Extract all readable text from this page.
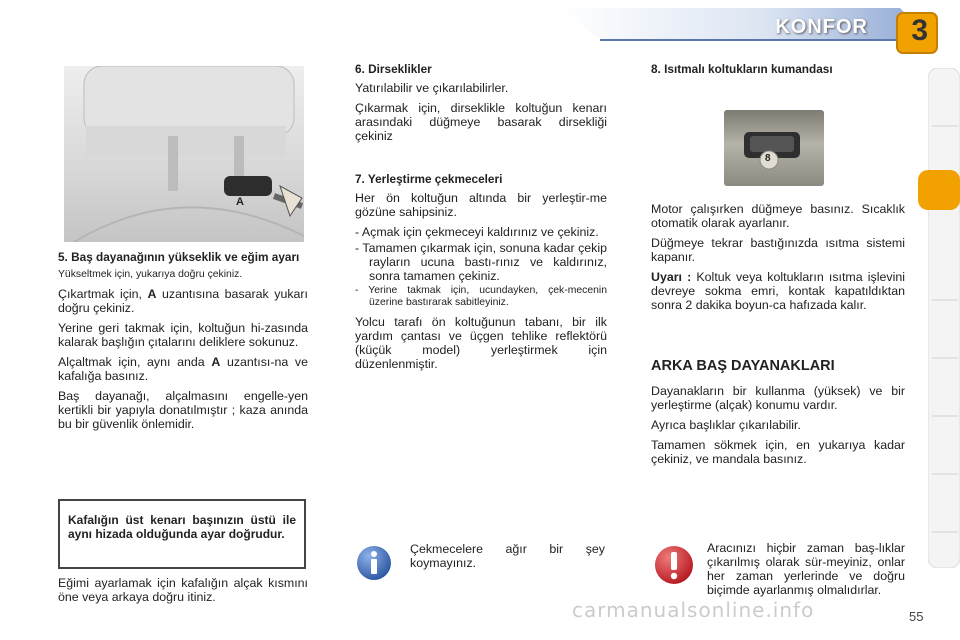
KONFOR 3
A
5. Baş dayanağının yükseklik ve eğim ayarı

Yükseltmek için, yukarıya doğru çekiniz.

Çıkartmak için, A uzantısına basarak yukarı doğru çekiniz.

Yerine geri takmak için, koltuğun hi-zasında kalarak başlığın çıtalarını deliklere sokunuz.

Alçaltmak için, aynı anda A uzantısı-na ve kafalığa basınız.

Baş dayanağı, alçalmasını engelle-yen kertikli bir yapıyla donatılmıştır ; kaza anında bu bir güvenlik önlemidir.

Kafalığın üst kenarı başınızın üstü ile aynı hizada olduğunda ayar doğrudur.

Eğimi ayarlamak için kafalığın alçak kısmını öne veya arkaya doğru itiniz.

6. Dirseklikler

Yatırılabilir ve çıkarılabilirler.

Çıkarmak için, dirseklikle koltuğun kenarı arasındaki düğmeye basarak dirsekliği çekiniz

7. Yerleştirme çekmeceleri

Her ön koltuğun altında bir yerleştir-me gözüne sahipsiniz.

- Açmak için çekmeceyi kaldırınız ve çekiniz.

- Tamamen çıkarmak için, sonuna kadar çekip rayların ucuna bastı-rınız ve kaldırınız, sonra tamamen çekiniz.

- Yerine takmak için, ucundayken, çek-mecenin üzerine bastırarak sabitleyiniz.

Yolcu tarafı ön koltuğunun tabanı, bir ilk yardım çantası ve üçgen tehlike reflektörü (küçük model) yerleştirmek için düzenlenmiştir.

Çekmecelere ağır bir şey koymayınız.

8. Isıtmalı koltukların kumandası
8

Motor çalışırken düğmeye basınız. Sıcaklık otomatik olarak ayarlanır.

Düğmeye tekrar bastığınızda ısıtma sistemi kapanır.

Uyarı : Koltuk veya koltukların ısıtma işlevini devreye sokma emri, kontak kapatıldıktan sonra 2 dakika boyun-ca hafızada kalır.

ARKA BAŞ DAYANAKLARI

Dayanakların bir kullanma (yüksek) ve bir yerleştirme (alçak) konumu vardır.

Ayrıca başlıklar çıkarılabilir.

Tamamen sökmek için, en yukarıya kadar çekiniz, ve mandala basınız.

Aracınızı hiçbir zaman baş-lıklar çıkarılmış olarak sür-meyiniz, onlar her zaman yerlerinde ve doğru biçimde ayarlanmış olmalıdırlar.

carmanualsonline.info	55
